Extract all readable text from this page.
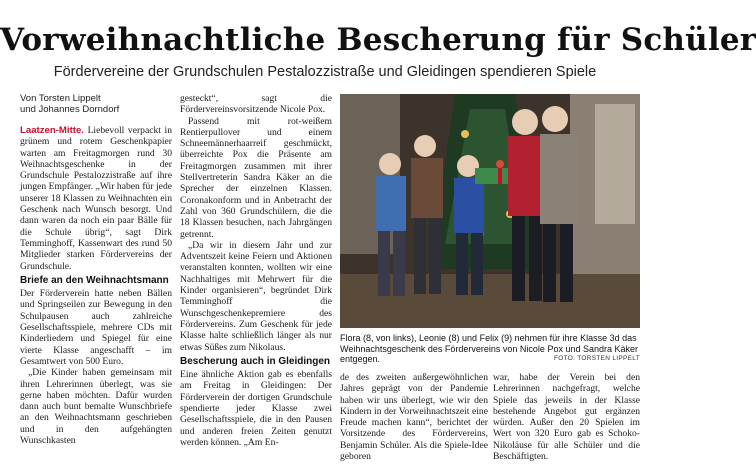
Vorweihnachtliche Bescherung für Schüler
Fördervereine der Grundschulen Pestalozzistraße und Gleidingen spendieren Spiele
Von Torsten Lippelt
und Johannes Dorndorf

Laatzen-Mitte. Liebevoll verpackt in grünem und rotem Geschenkpapier warten am Freitagmorgen rund 30 Weihnachtsgeschenke in der Grundschule Pestalozzistraße auf ihre jungen Empfänger. „Wir haben für jede unserer 18 Klassen zu Weihnachten ein Geschenk nach Wunsch besorgt. Und dann waren da noch ein paar Bälle für die Schule übrig“, sagt Dirk Temminghoff, Kassenwart des rund 50 Mitglieder starken Fördervereins der Grundschule.

Briefe an den Weihnachtsmann

Der Förderverein hatte neben Bällen und Springseilen zur Bewegung in den Schulpausen auch zahlreiche Gesellschaftsspiele, mehrere CDs mit Kinderliedern und Spiegel für eine vierte Klasse angeschafft – im Gesamtwert von 500 Euro.

„Die Kinder haben gemeinsam mit ihren Lehrerinnen überlegt, was sie gerne haben möchten. Dafür wurden dann auch bunt bemalte Wunschbriefe an den Weihnachtsmann geschrieben und in den aufgehängten Wunschkasten

gesteckt“, sagt die Fördervereinsvorsitzende Nicole Pox.

Passend mit rot-weißem Rentierpullover und einem Schneemännerhaarreif geschmückt, überreichte Pox die Präsente am Freitagmorgen zusammen mit ihrer Stellvertreterin Sandra Käker an die Sprecher der einzelnen Klassen. Coronakonform und in Anbetracht der Zahl von 360 Grundschülern, die die 18 Klassen besuchen, nach Jahrgängen getrennt.

„Da wir in diesem Jahr und zur Adventszeit keine Feiern und Aktionen veranstalten konnten, wollten wir eine Nachhaltiges mit Mehrwert für die Kinder organisieren“, begründet Dirk Temminghoff die Wunschgeschenkepremiere des Fördervereins. Zum Geschenk für jede Klasse halte schließlich länger als nur etwas Süßes zum Nikolaus.

Bescherung auch in Gleidingen

Eine ähnliche Aktion gab es ebenfalls am Freitag in Gleidingen: Der Förderverein der dortigen Grundschule spendierte jeder Klasse zwei Gesellschaftsspiele, die in den Pausen und anderen freien Zeiten genutzt werden können. „Am En-

Flora (8, von links), Leonie (8) und Felix (9) nehmen für ihre Klasse 3d das Weihnachtsgeschenk des Fördervereins von Nicole Pox und Sandra Käker entgegen.	FOTO: TORSTEN LIPPELT

de des zweiten außergewöhnlichen Jahres geprägt von der Pandemie haben wir uns überlegt, wie wir den Kindern in der Vorweihnachtszeit eine Freude machen kann“, berichtet der Vorsitzende des Fördervereins, Benjamin Schüler. Als die Spiele-Idee geboren

war, habe der Verein bei den Lehrerinnen nachgefragt, welche Spiele das jeweils in der Klasse bestehende Angebot gut ergänzen würden. Außer den 20 Spielen im Wert von 320 Euro gab es Schoko-Nikoläuse für alle Schüler und die Beschäftigten.
